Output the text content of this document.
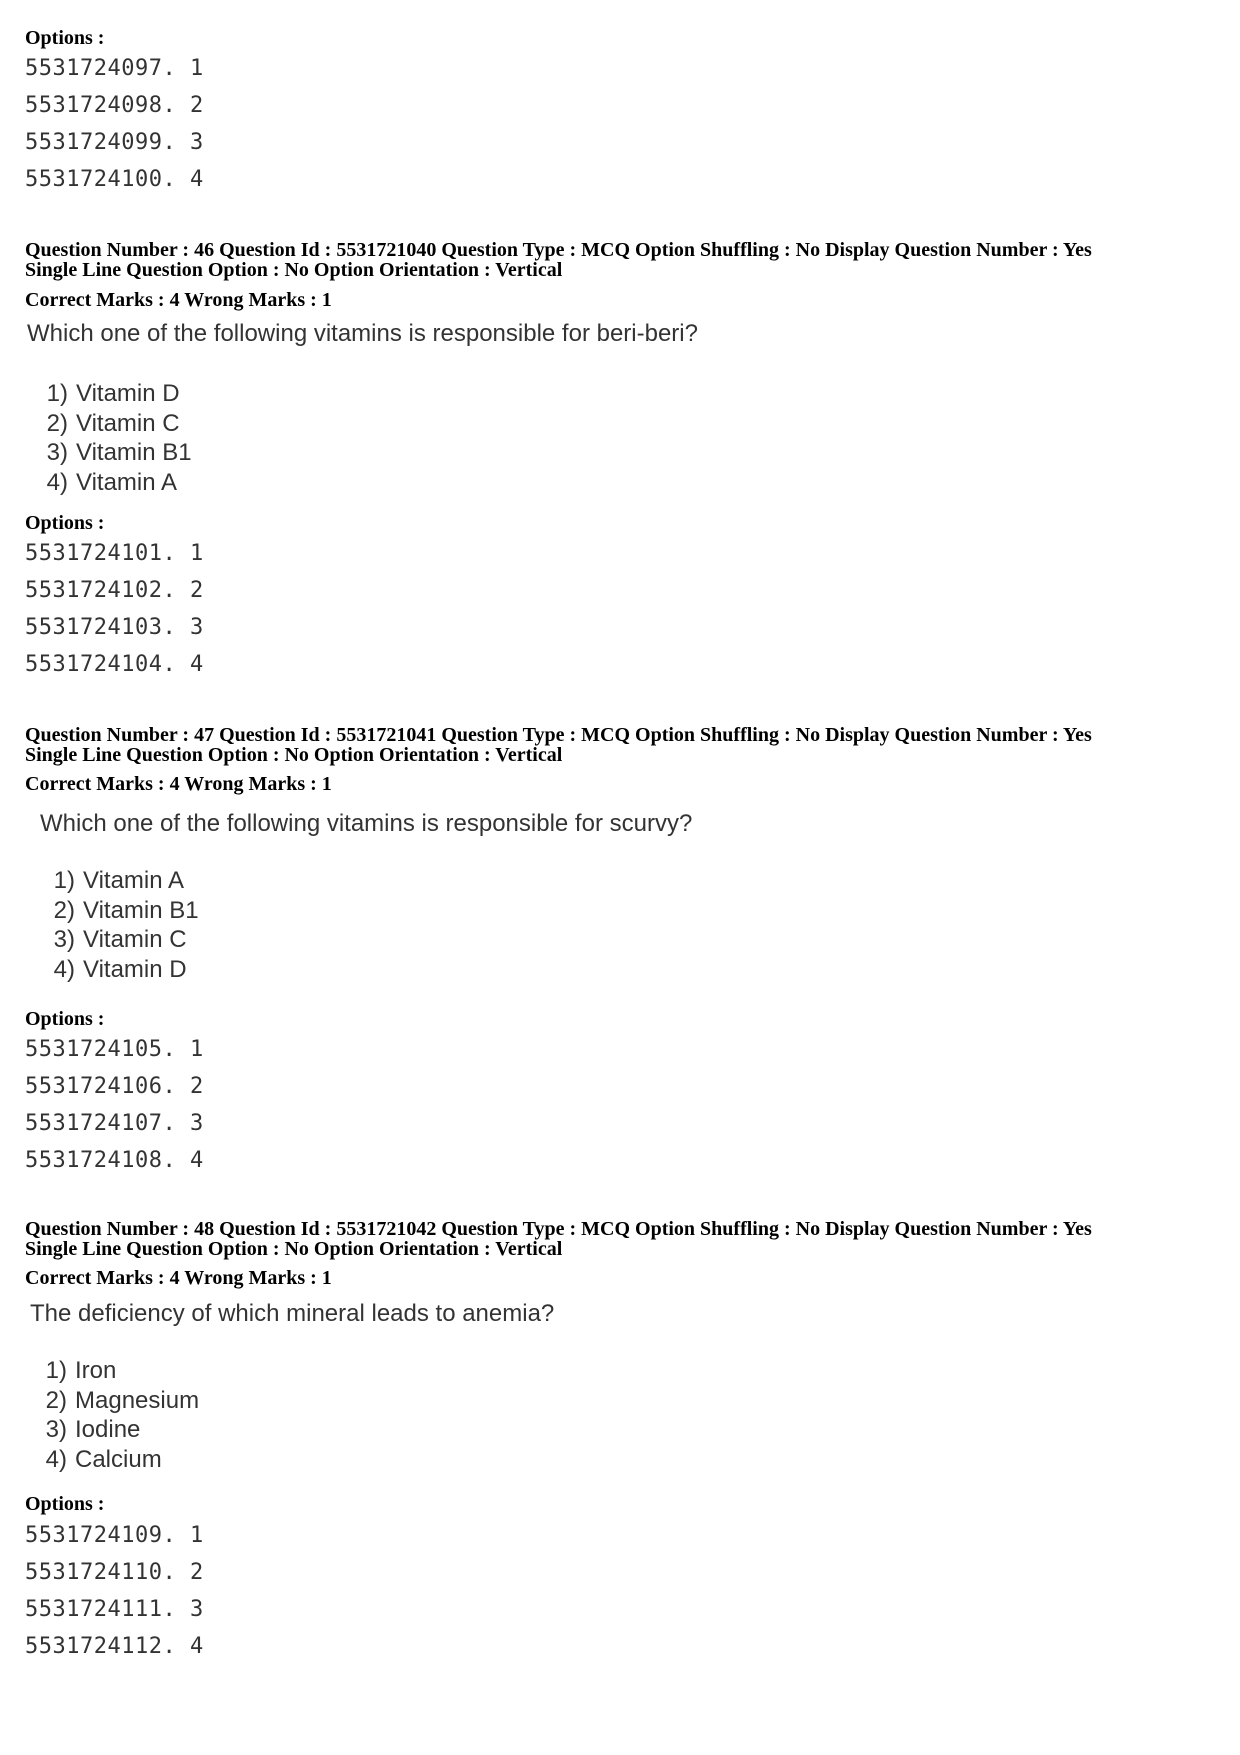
Options :
5531724097. 1
5531724098. 2
5531724099. 3
5531724100. 4
Question Number : 46 Question Id : 5531721040 Question Type : MCQ Option Shuffling : No Display Question Number : Yes
Single Line Question Option : No Option Orientation : Vertical
Correct Marks : 4 Wrong Marks : 1
Which one of the following vitamins is responsible for beri-beri?
1) Vitamin D
2) Vitamin C
3) Vitamin B1
4) Vitamin A
Options :
5531724101. 1
5531724102. 2
5531724103. 3
5531724104. 4
Question Number : 47 Question Id : 5531721041 Question Type : MCQ Option Shuffling : No Display Question Number : Yes
Single Line Question Option : No Option Orientation : Vertical
Correct Marks : 4 Wrong Marks : 1
Which one of the following vitamins is responsible for scurvy?
1) Vitamin A
2) Vitamin B1
3) Vitamin C
4) Vitamin D
Options :
5531724105. 1
5531724106. 2
5531724107. 3
5531724108. 4
Question Number : 48 Question Id : 5531721042 Question Type : MCQ Option Shuffling : No Display Question Number : Yes
Single Line Question Option : No Option Orientation : Vertical
Correct Marks : 4 Wrong Marks : 1
The deficiency of which mineral leads to anemia?
1) Iron
2) Magnesium
3) Iodine
4) Calcium
Options :
5531724109. 1
5531724110. 2
5531724111. 3
5531724112. 4
